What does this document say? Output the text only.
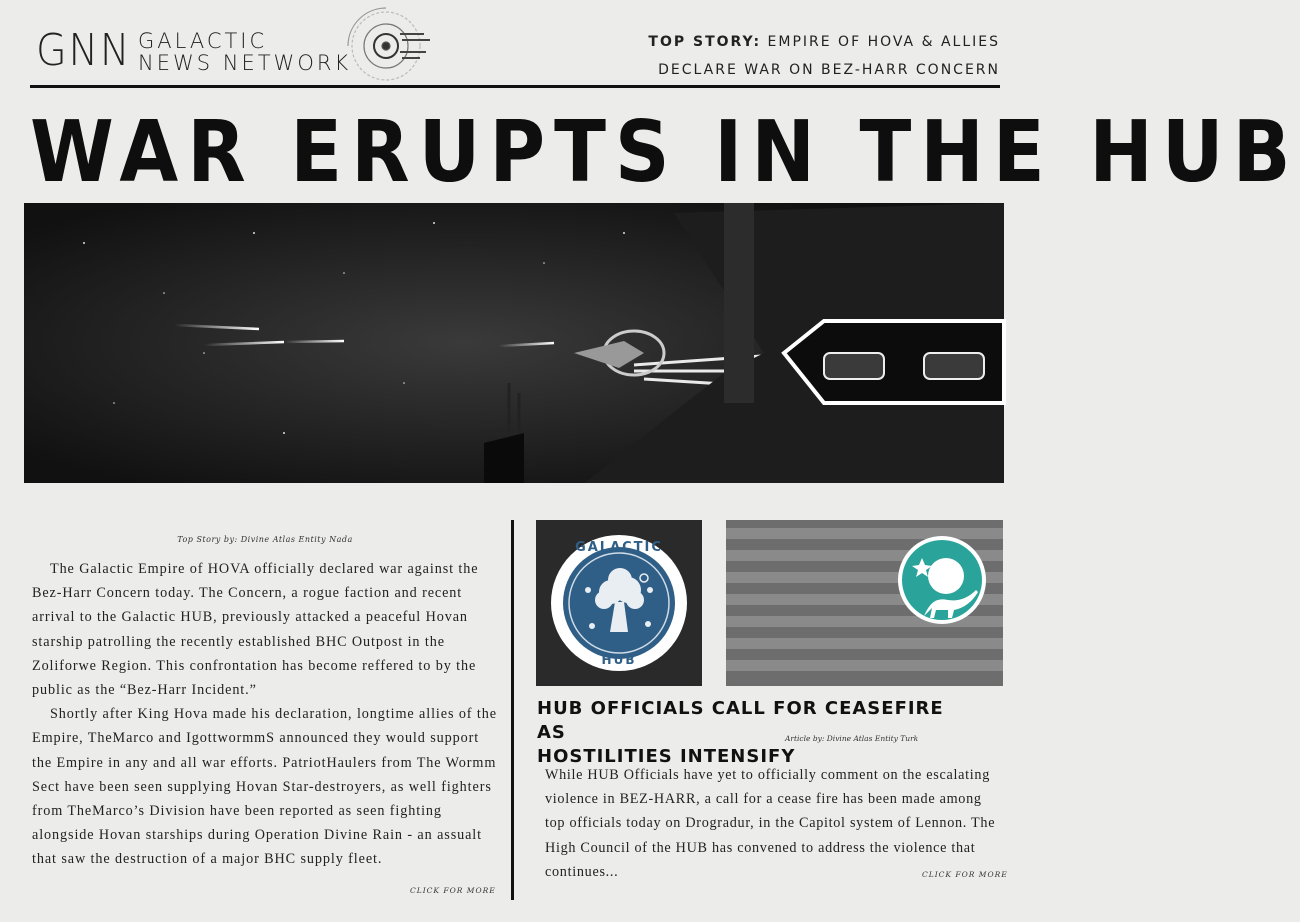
GNN GALACTIC
NEWS NETWORK
TOP STORY: EMPIRE OF HOVA & ALLIES
DECLARE WAR ON BEZ-HARR CONCERN
WAR ERUPTS IN THE HUB
Top Story by: Divine Atlas Entity Nada

The Galactic Empire of HOVA officially declared war against the Bez-Harr Concern today. The Concern, a rogue faction and recent arrival to the Galactic HUB, previously attacked a peaceful Hovan starship patrolling the recently established BHC Outpost in the Zoliforwe Region. This confrontation has become reffered to by the public as the “Bez-Harr Incident.”

Shortly after King Hova made his declaration, longtime allies of the Empire, TheMarco and IgottwormmS announced they would support the Empire in any and all war efforts. PatriotHaulers from The Wormm Sect have been seen supplying Hovan Star-destroyers, as well fighters from TheMarco’s Division have been reported as seen fighting alongside Hovan starships during Operation Divine Rain - an assualt that saw the destruction of a major BHC supply fleet.

CLICK FOR MORE
GALACTIC
HUB
HUB OFFICIALS CALL FOR CEASEFIRE AS
HOSTILITIES INTENSIFY
Article by: Divine Atlas Entity Turk
While HUB Officials have yet to officially comment on the escalating violence in BEZ-HARR, a call for a cease fire has been made among top officials today on Drogradur, in the Capitol system of Lennon. The High Council of the HUB has convened to address the violence that continues...	CLICK FOR MORE
